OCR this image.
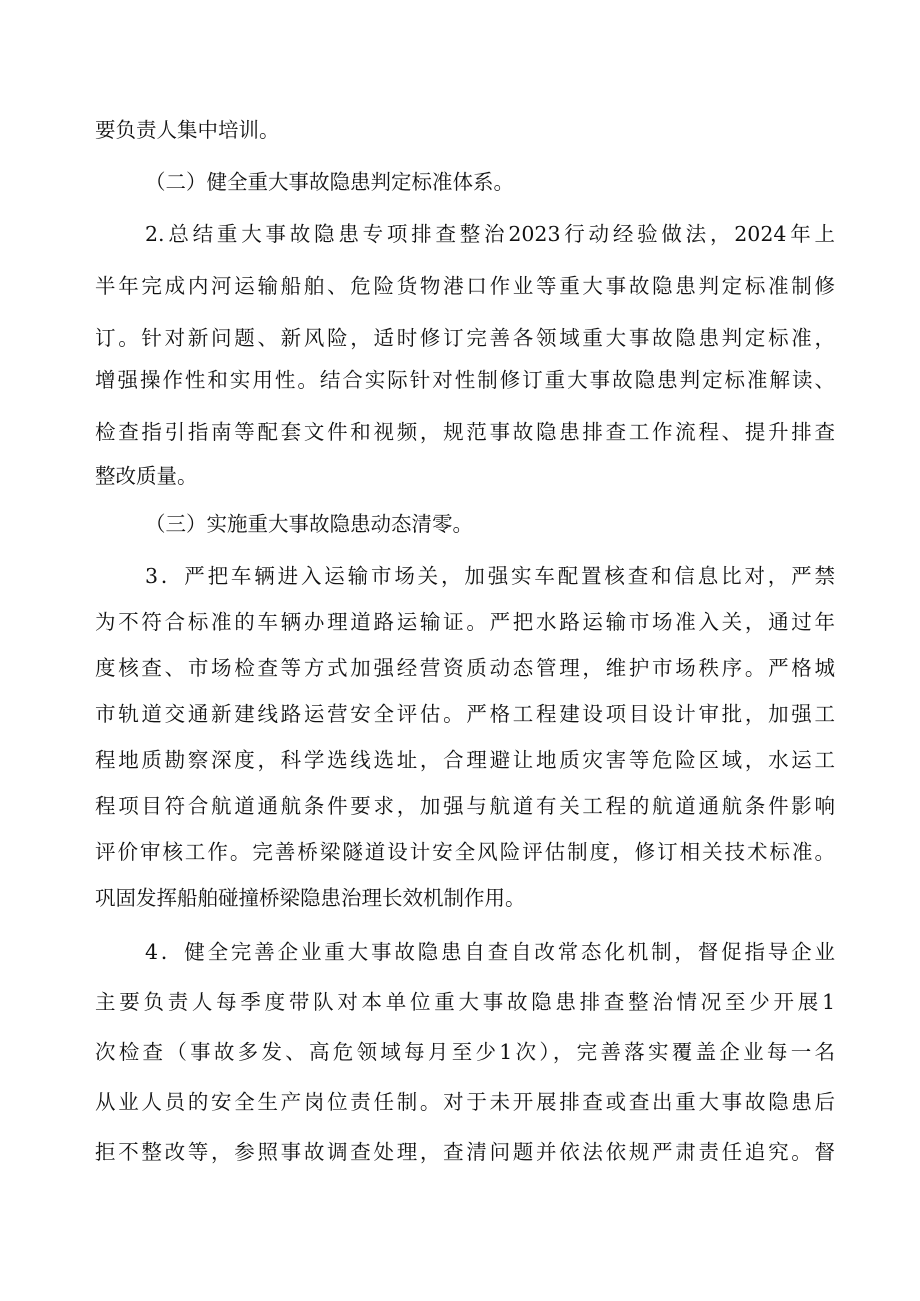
要负责人集中培训。
（二）健全重大事故隐患判定标准体系。
2.总结重大事故隐患专项排查整治2023行动经验做法，2024年上
半年完成内河运输船舶、危险货物港口作业等重大事故隐患判定标准制修
订。针对新问题、新风险，适时修订完善各领域重大事故隐患判定标准，
增强操作性和实用性。结合实际针对性制修订重大事故隐患判定标准解读、
检查指引指南等配套文件和视频，规范事故隐患排查工作流程、提升排查
整改质量。
（三）实施重大事故隐患动态清零。
3．严把车辆进入运输市场关，加强实车配置核查和信息比对，严禁
为不符合标准的车辆办理道路运输证。严把水路运输市场准入关，通过年
度核查、市场检查等方式加强经营资质动态管理，维护市场秩序。严格城
市轨道交通新建线路运营安全评估。严格工程建设项目设计审批，加强工
程地质勘察深度，科学选线选址，合理避让地质灾害等危险区域，水运工
程项目符合航道通航条件要求，加强与航道有关工程的航道通航条件影响
评价审核工作。完善桥梁隧道设计安全风险评估制度，修订相关技术标准。
巩固发挥船舶碰撞桥梁隐患治理长效机制作用。
4．健全完善企业重大事故隐患自查自改常态化机制，督促指导企业
主要负责人每季度带队对本单位重大事故隐患排查整治情况至少开展1
次检查（事故多发、高危领域每月至少1次），完善落实覆盖企业每一名
从业人员的安全生产岗位责任制。对于未开展排查或查出重大事故隐患后
拒不整改等，参照事故调查处理，查清问题并依法依规严肃责任追究。督
